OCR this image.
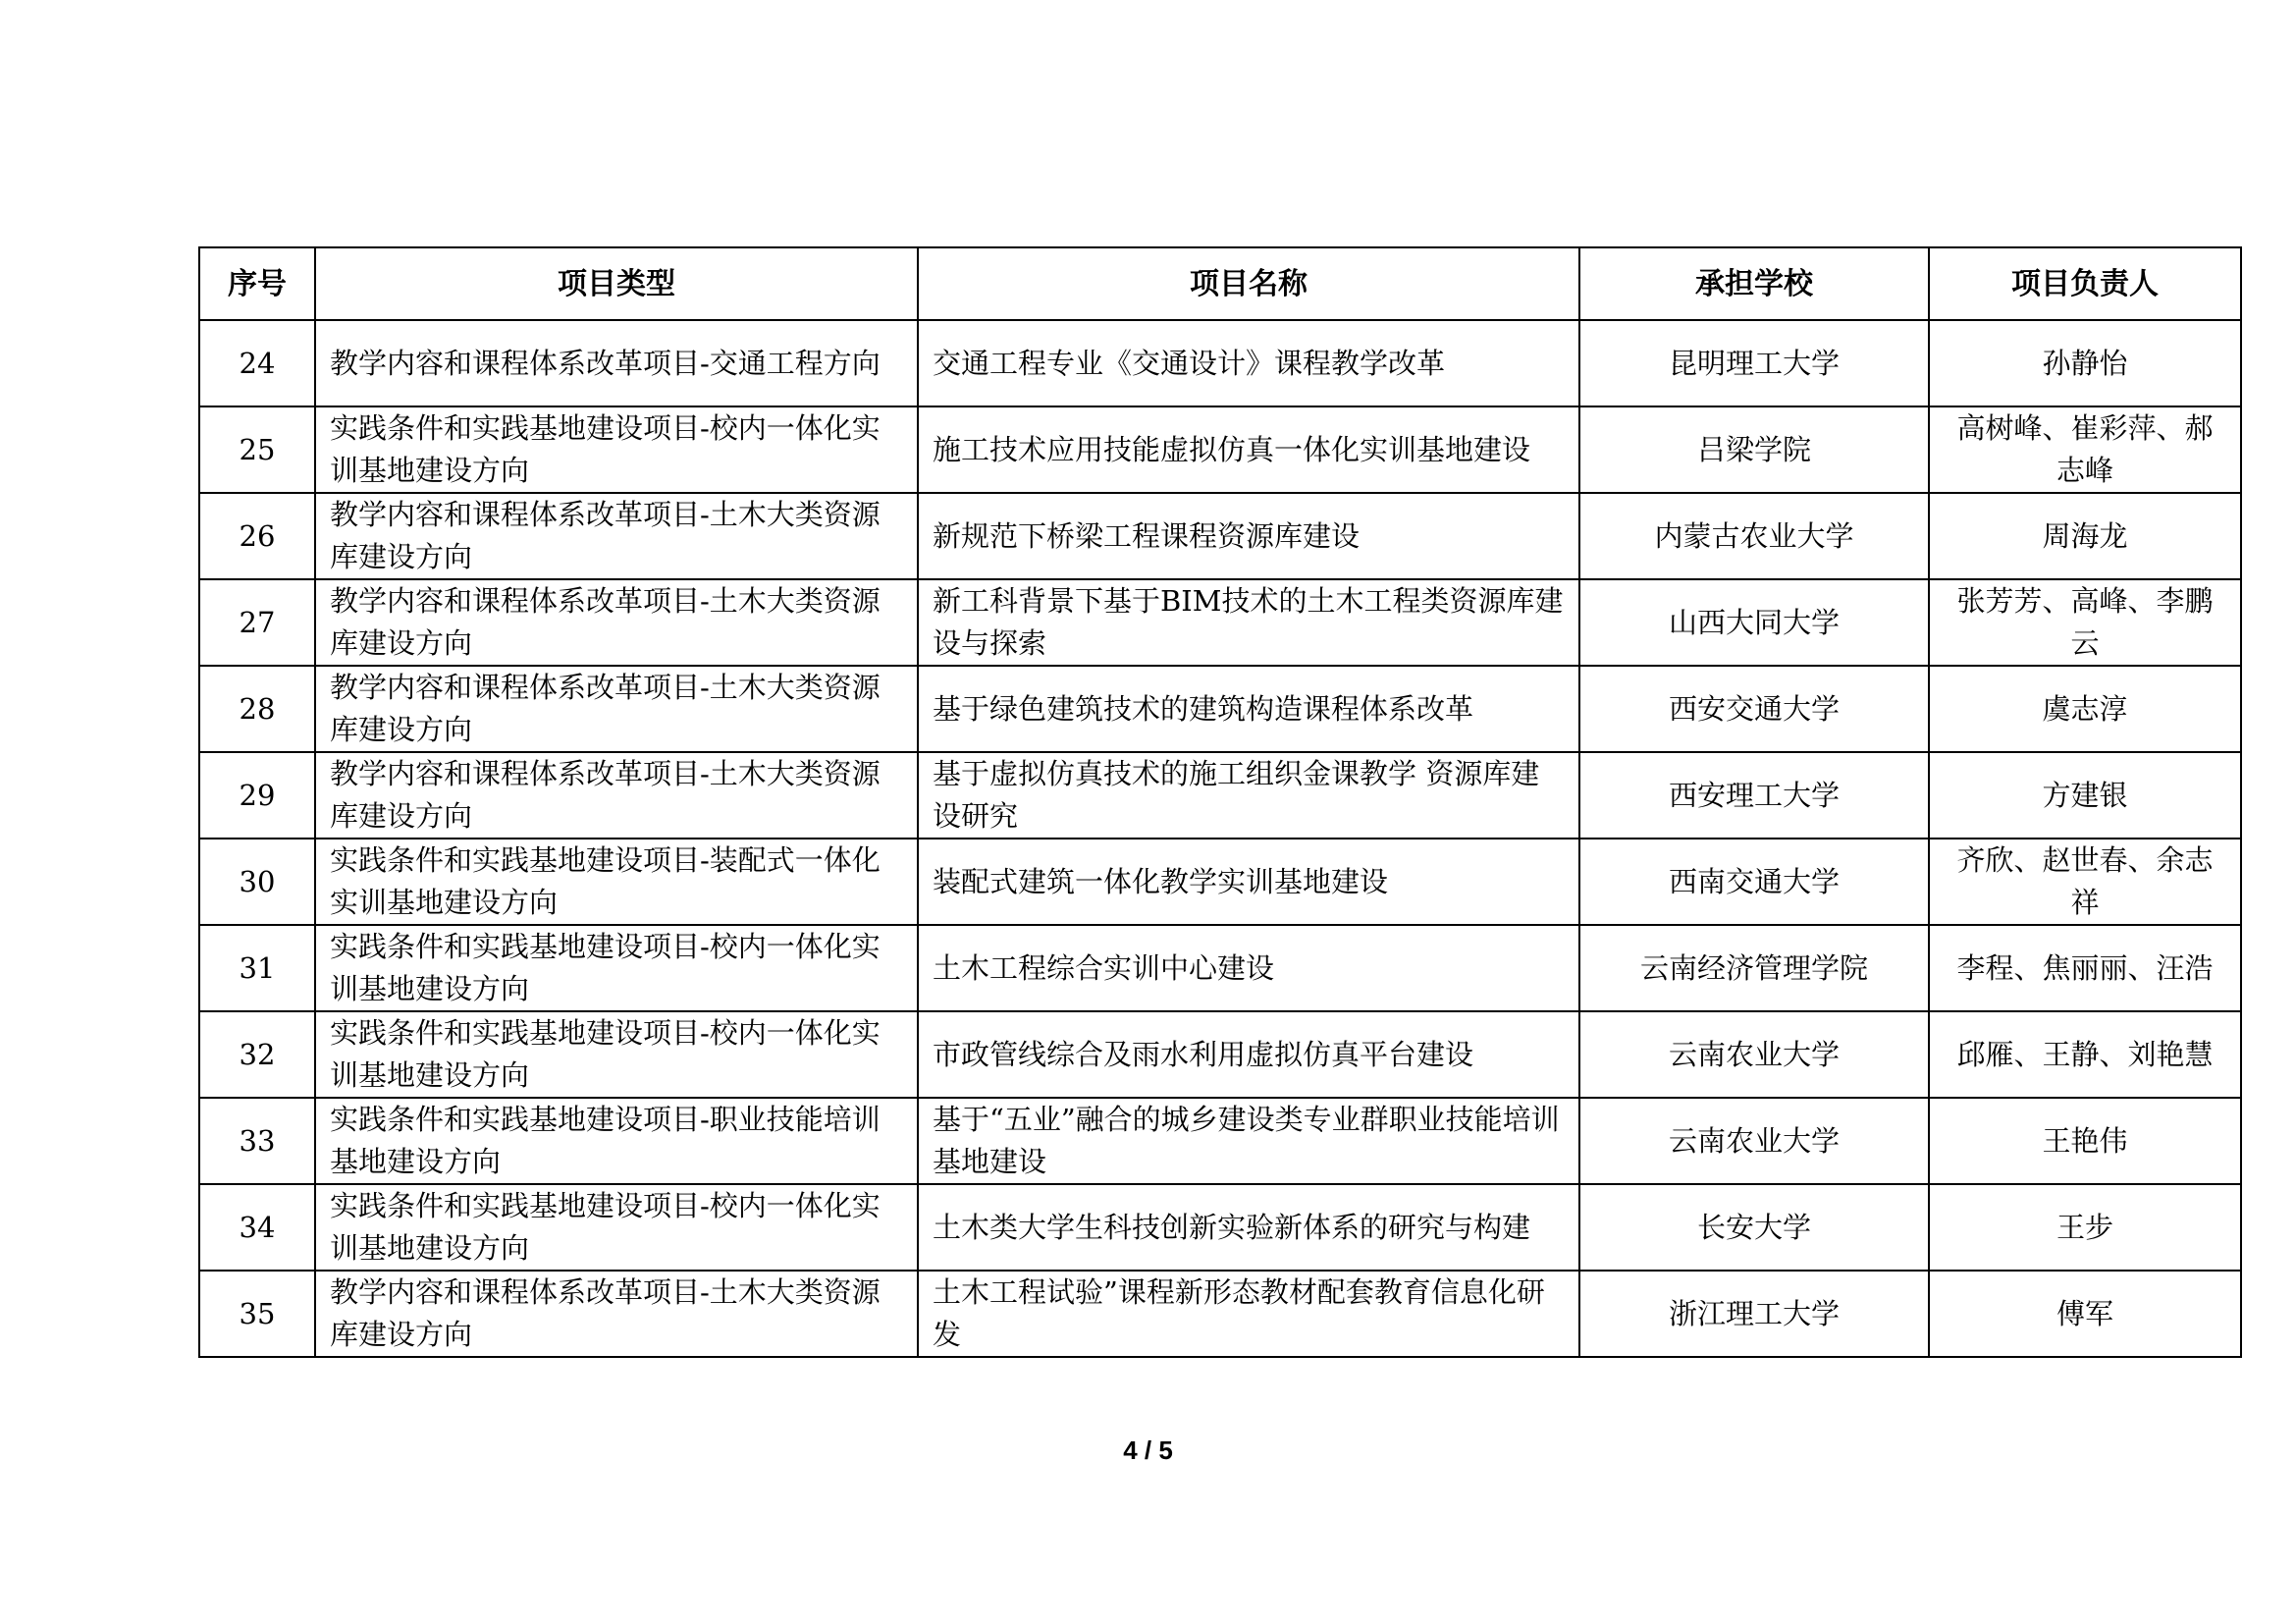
序号	项目类型	项目名称	承担学校	项目负责人

24	教学内容和课程体系改革项目-交通工程方向	交通工程专业《交通设计》课程教学改革	昆明理工大学	孙静怡

25	实践条件和实践基地建设项目-校内一体化实训基地建设方向	施工技术应用技能虚拟仿真一体化实训基地建设	吕梁学院	高树峰、崔彩萍、郝志峰

26	教学内容和课程体系改革项目-土木大类资源库建设方向	新规范下桥梁工程课程资源库建设	内蒙古农业大学	周海龙

27	教学内容和课程体系改革项目-土木大类资源库建设方向	新工科背景下基于BIM技术的土木工程类资源库建设与探索	山西大同大学	张芳芳、高峰、李鹏云

28	教学内容和课程体系改革项目-土木大类资源库建设方向	基于绿色建筑技术的建筑构造课程体系改革	西安交通大学	虞志淳

29	教学内容和课程体系改革项目-土木大类资源库建设方向	基于虚拟仿真技术的施工组织金课教学 资源库建设研究	西安理工大学	方建银

30	实践条件和实践基地建设项目-装配式一体化实训基地建设方向	装配式建筑一体化教学实训基地建设	西南交通大学	齐欣、赵世春、余志祥

31	实践条件和实践基地建设项目-校内一体化实训基地建设方向	土木工程综合实训中心建设	云南经济管理学院	李程、焦丽丽、汪浩

32	实践条件和实践基地建设项目-校内一体化实训基地建设方向	市政管线综合及雨水利用虚拟仿真平台建设	云南农业大学	邱雁、王静、刘艳慧

33	实践条件和实践基地建设项目-职业技能培训基地建设方向	基于“五业”融合的城乡建设类专业群职业技能培训基地建设	云南农业大学	王艳伟

34	实践条件和实践基地建设项目-校内一体化实训基地建设方向	土木类大学生科技创新实验新体系的研究与构建	长安大学	王步

35	教学内容和课程体系改革项目-土木大类资源库建设方向	土木工程试验”课程新形态教材配套教育信息化研发	浙江理工大学	傅军
4 / 5
